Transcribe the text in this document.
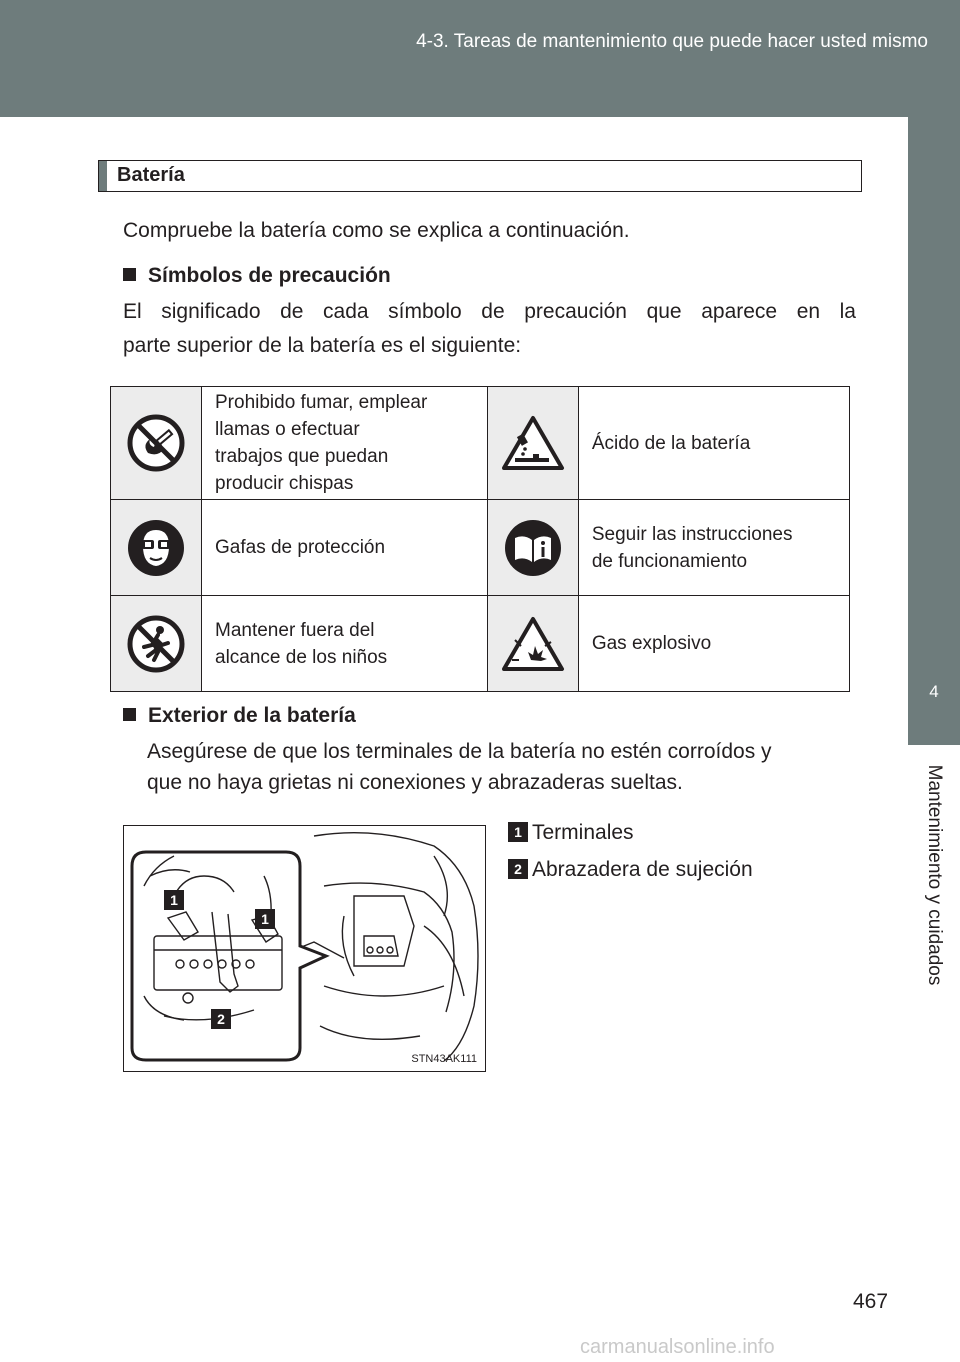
4-3. Tareas de mantenimiento que puede hacer usted mismo
4
Mantenimiento y cuidados
Batería
Compruebe la batería como se explica a continuación.
Símbolos de precaución
El significado de cada símbolo de precaución que aparece en la
parte superior de la batería es el siguiente:

Prohibido fumar, emplear
llamas o efectuar
trabajos que puedan
producir chispas		Ácido de la batería

Gafas de protección		Seguir las instrucciones
de funcionamiento

Mantener fuera del
alcance de los niños		Gas explosivo
Exterior de la batería
Asegúrese de que los terminales de la batería no estén corroídos y
que no haya grietas ni conexiones y abrazaderas sueltas.
1 Terminales
2 Abrazadera de sujeción
1
1
2
STN43AK111
467
carmanualsonline.info
